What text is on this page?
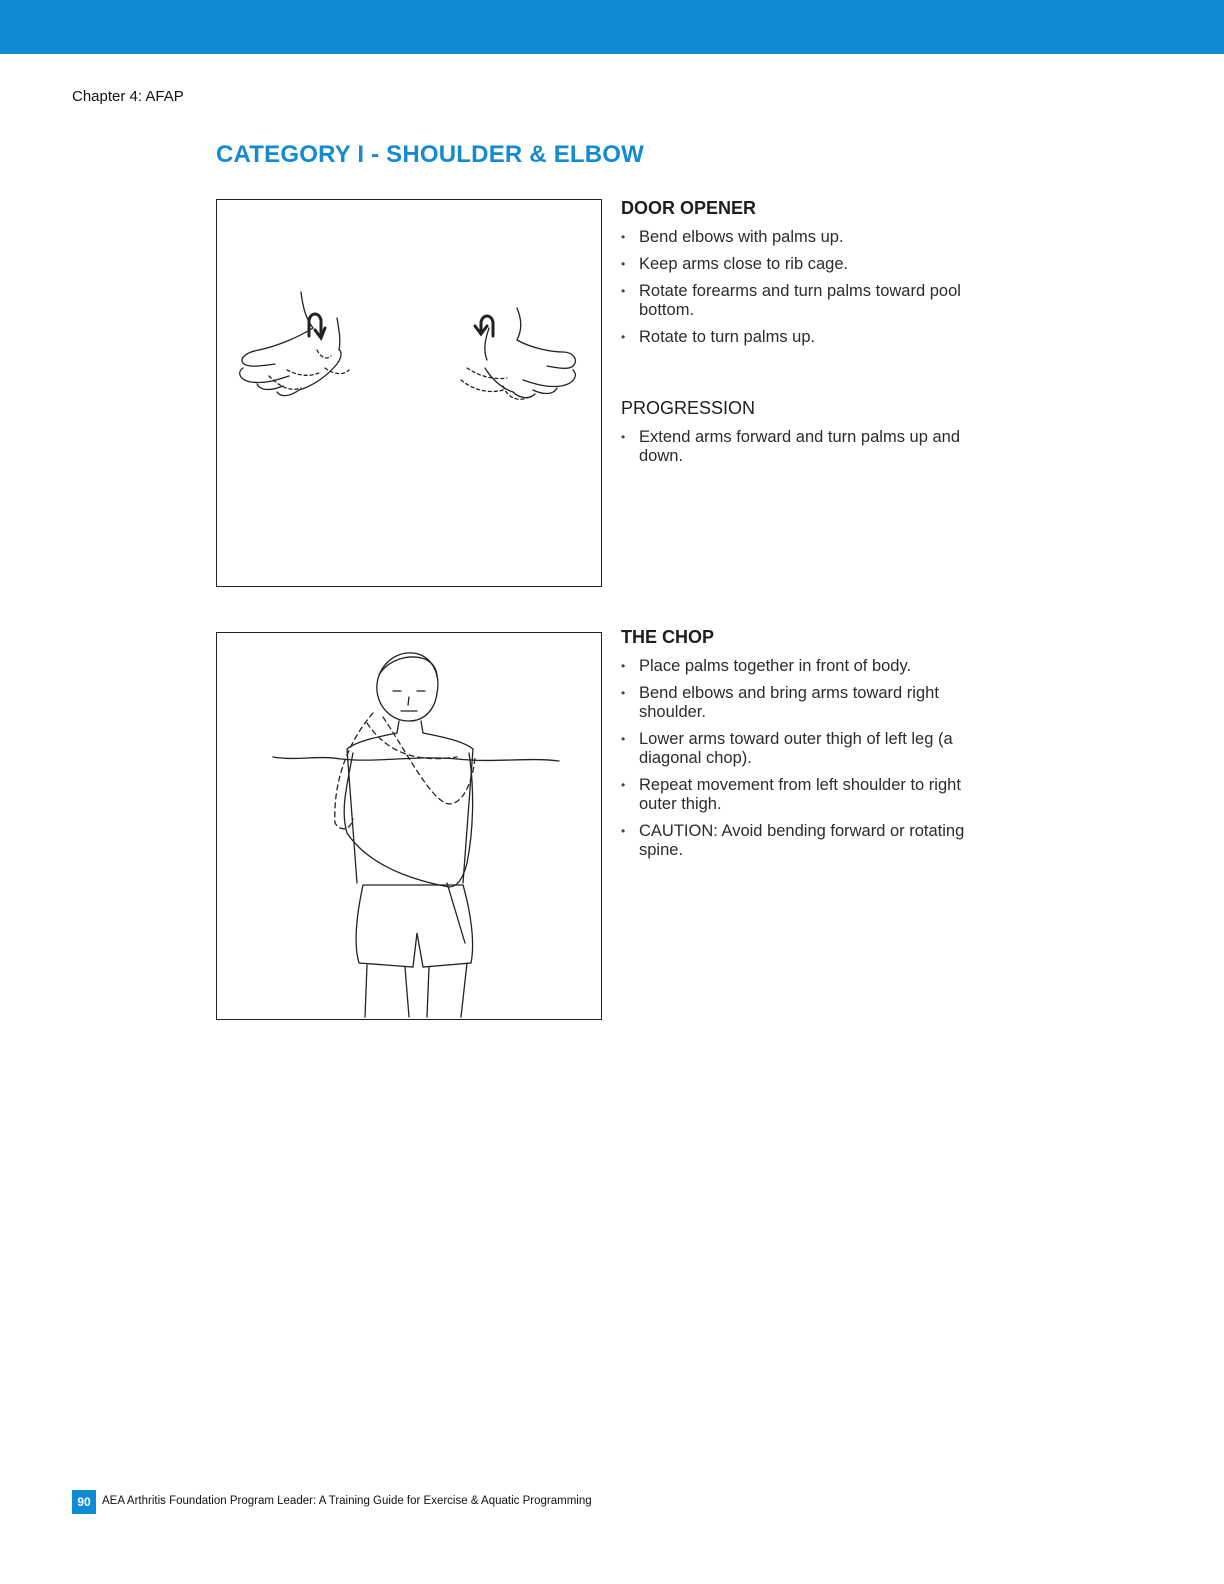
Chapter 4: AFAP
CATEGORY I - SHOULDER & ELBOW
DOOR OPENER
• Bend elbows with palms up.
• Keep arms close to rib cage.
• Rotate forearms and turn palms toward pool bottom.
• Rotate to turn palms up.
PROGRESSION
• Extend arms forward and turn palms up and down.
THE CHOP
• Place palms together in front of body.
• Bend elbows and bring arms toward right shoulder.
• Lower arms toward outer thigh of left leg (a diagonal chop).
• Repeat movement from left shoulder to right outer thigh.
• CAUTION: Avoid bending forward or rotating spine.
90 AEA Arthritis Foundation Program Leader: A Training Guide for Exercise & Aquatic Programming
